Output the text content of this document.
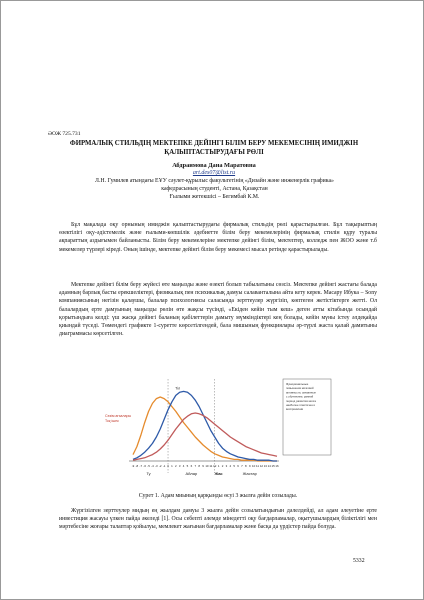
ӘОЖ 725.731
ФИРМАЛЫҚ СТИЛЬДІҢ МЕКТЕПКЕ ДЕЙІНГІ БІЛІМ БЕРУ МЕКЕМЕСІНІҢ ИМИДЖІН ҚАЛЫПТАСТЫРУДАҒЫ РӨЛІ
Абдраимова Дана Маратовна
art.des07@list.ru
Л.Н. Гумилев атындағы ЕҰУ сәулет-құрылыс факультетінің «Дизайн және инженерлік графика» кафедрасының студенті, Астана, Қазақстан
Ғылыми жетекшісі – Бегимбай К.М.
Бұл мақалада оқу орнының имиджін қалыптастырудағы фирмалық стильдің рөлі қарастырылған. Бұл тақырыптың өзектілігі оқу-әдістемелік және ғылыми-көпшілік әдебиетте білім беру мекемелерінің фирмалық стилін құру туралы ақпараттың аздығымен байланысты. Білім беру мекемелеріне мектепке дейінгі білім, мектептер, колледж пен ЖОО және т.б мекемелер түрлері кіреді. Оның ішінде, мектепке дейінгі білім беру мекемесі мысал ретінде қарастырылады.
Мектепке дейінгі білім беру жүйесі өте маңызды және өзекті болып табылатыны сөзсіз. Мектепке дейінгі жастағы балада адамның барлық басты ерекшеліктері, физикалық пен психикалық дамуы салаванталына айта кету керек. Масару Ибука – Sony компаниясының негізін қалаушы, балалар психологиясы саласында зерттеулер жүргізіп, көптеген жетістіктерге жетті. Ол балалардың ерте дамуының маңызды рөлін өте жақсы түсінді, «Екіден кейін тым кеш» деген атты кітабында осындай қорытындыға келді: үш жасқа дейінгі баланың қабілеттерін дамыту мүмкіндіктері кең болады, кейін мүны істеу әлдеқайда қиындай түседі. Төмендегі графикте 1-суретте көрсетілгендей, бала мишының функциялары әр-түрлі жаста қалай дамитыны диаграммасы көрсетілген.
-9 -8 -7 -6 -5 -4 -3 -2 -1 0 1 2 3 4 5 6 7 8 9 10 11 12 1 2 3 4 5 6 7 8 9 10 11 12 13 14 15 16
Ту	Айлар	Жас	Жастар
Тіл
Сезім ағзалары
Тоқ ішек
Функциональные
повышения мозговой
активности, связанные
с обучением; ранний
период развития мозга
наиболее пластичен и
восприимчив
Сурет 1. Адам миының қарқынды өсуі 3 жылға дейін созылады.
Жүргізілген зерттеулер мидың ең жылдам дамуы 3 жылға дейін созылатындығын дәлелдейді, ал адам әлеуетіне ерте инвестиция жасауы үлкен пайда әкеледі [1]. Осы себепті әлемде мінедетті оқу бағдарламалар, оқытушылардың біліктілігі мен мәртебесіне жоғары талаптар қойылуы, мемлекет жағынан бағдарламалар және басқа да үрдістер пайда болуда.
5332
